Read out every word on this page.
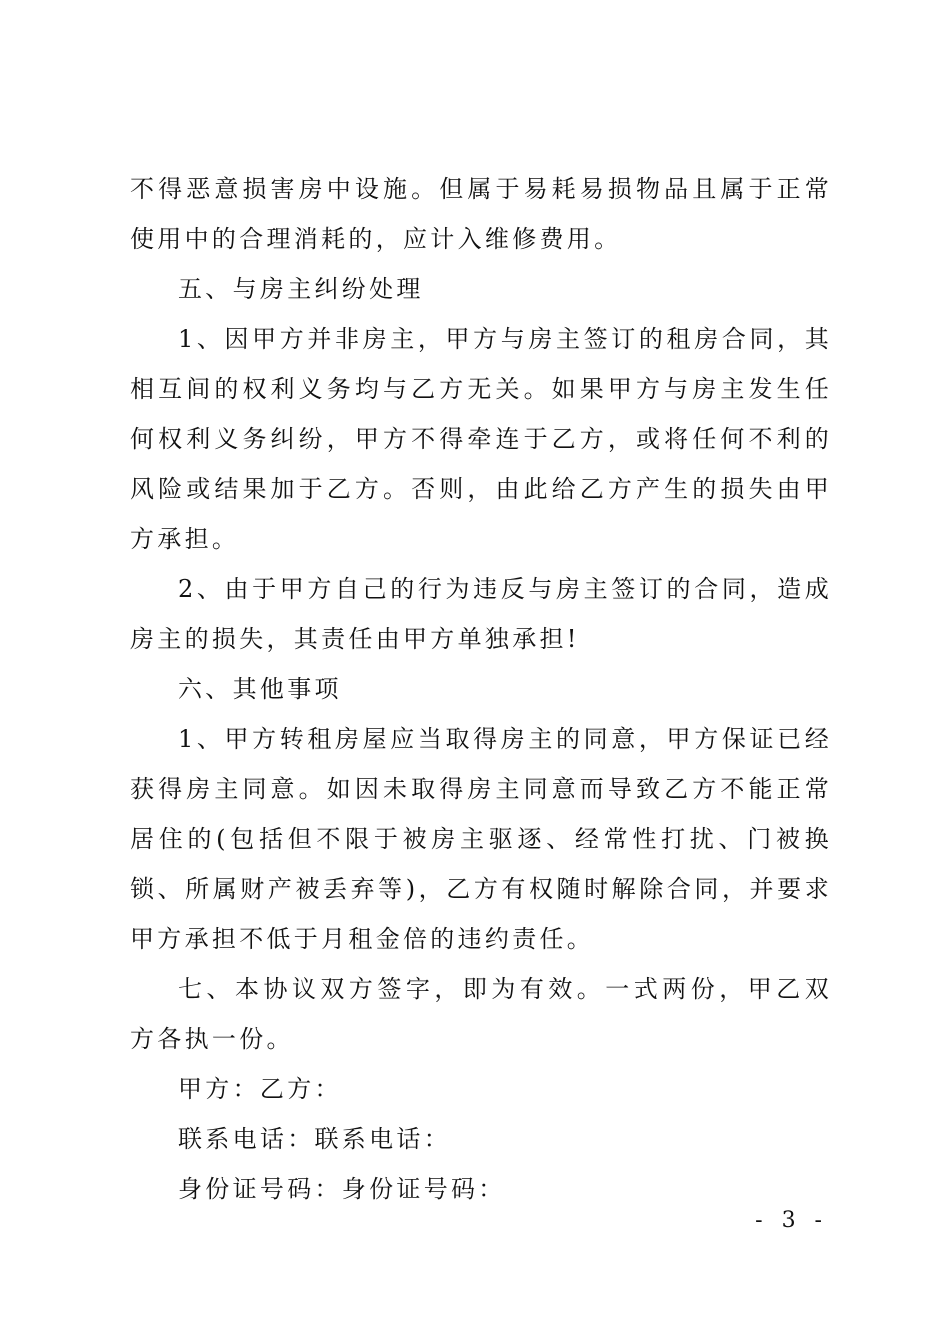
不得恶意损害房中设施。但属于易耗易损物品且属于正常使用中的合理消耗的，应计入维修费用。

五、与房主纠纷处理

1、因甲方并非房主，甲方与房主签订的租房合同，其相互间的权利义务均与乙方无关。如果甲方与房主发生任何权利义务纠纷，甲方不得牵连于乙方，或将任何不利的风险或结果加于乙方。否则，由此给乙方产生的损失由甲方承担。

2、由于甲方自己的行为违反与房主签订的合同，造成房主的损失，其责任由甲方单独承担!

六、其他事项

1、甲方转租房屋应当取得房主的同意，甲方保证已经获得房主同意。如因未取得房主同意而导致乙方不能正常居住的(包括但不限于被房主驱逐、经常性打扰、门被换锁、所属财产被丢弃等)，乙方有权随时解除合同，并要求甲方承担不低于月租金倍的违约责任。

七、本协议双方签字，即为有效。一式两份，甲乙双方各执一份。

甲方：乙方：

联系电话：联系电话：

身份证号码：身份证号码：

- 3 -
